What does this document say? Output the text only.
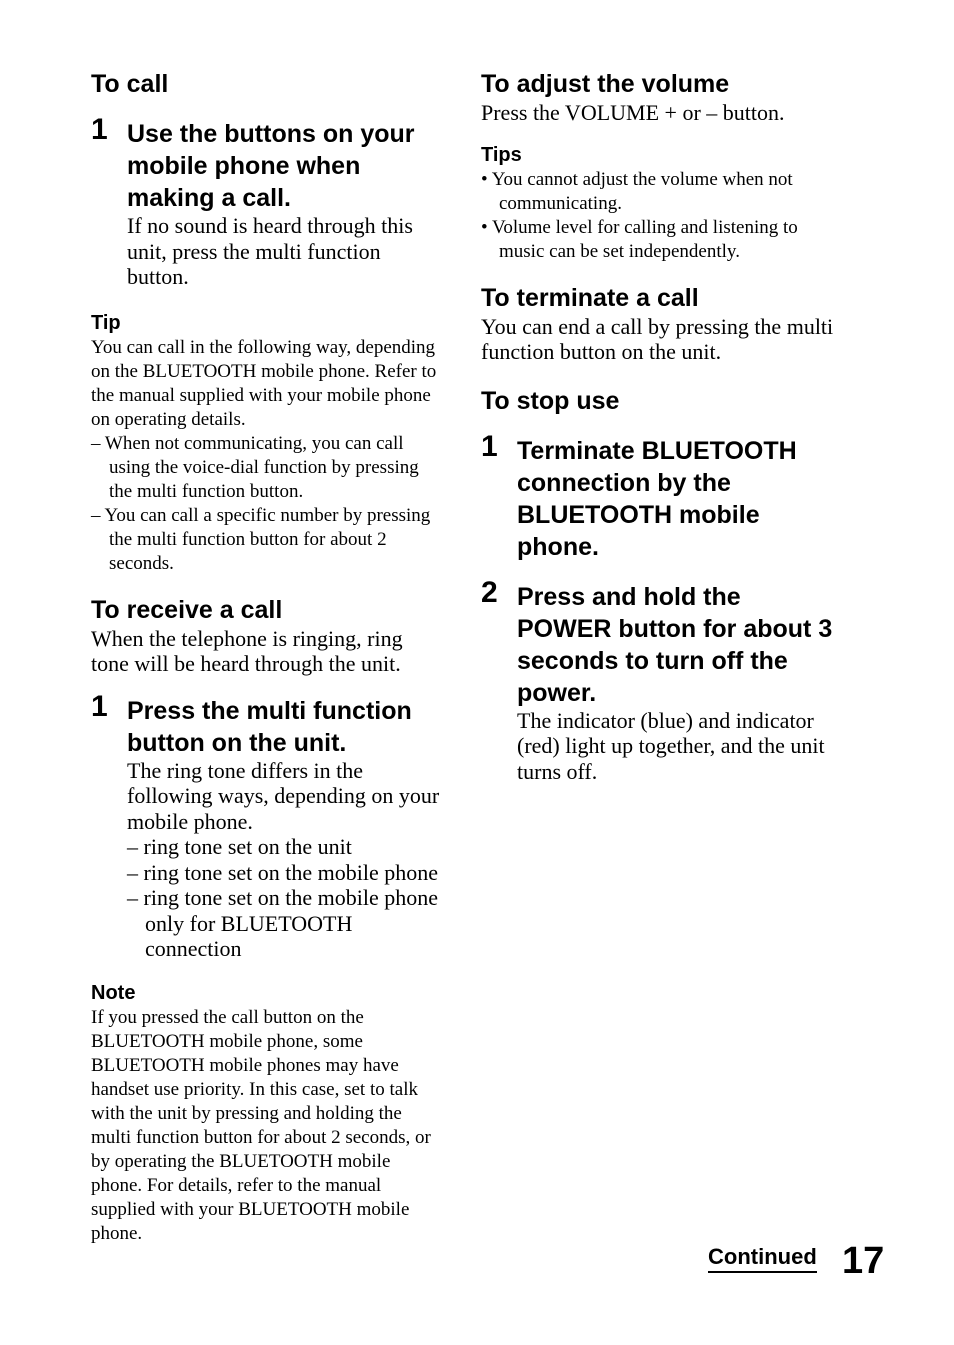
To call
1 Use the buttons on your mobile phone when making a call.

If no sound is heard through this unit, press the multi function button.

Tip

You can call in the following way, depending on the BLUETOOTH mobile phone. Refer to the manual supplied with your mobile phone on operating details.

– When not communicating, you can call using the voice-dial function by pressing the multi function button.

– You can call a specific number by pressing the multi function button for about 2 seconds.

To receive a call

When the telephone is ringing, ring tone will be heard through the unit.

1 Press the multi function button on the unit.

The ring tone differs in the following ways, depending on your mobile phone.

– ring tone set on the unit

– ring tone set on the mobile phone

– ring tone set on the mobile phone only for BLUETOOTH connection

Note

If you pressed the call button on the BLUETOOTH mobile phone, some BLUETOOTH mobile phones may have handset use priority. In this case, set to talk with the unit by pressing and holding the multi function button for about 2 seconds, or by operating the BLUETOOTH mobile phone. For details, refer to the manual supplied with your BLUETOOTH mobile phone.

To adjust the volume

Press the VOLUME + or – button.

Tips

• You cannot adjust the volume when not communicating.

• Volume level for calling and listening to music can be set independently.

To terminate a call

You can end a call by pressing the multi function button on the unit.

To stop use
1 Terminate BLUETOOTH connection by the BLUETOOTH mobile phone.

2 Press and hold the POWER button for about 3 seconds to turn off the power.

The indicator (blue) and indicator (red) light up together, and the unit turns off.

Continued 17
